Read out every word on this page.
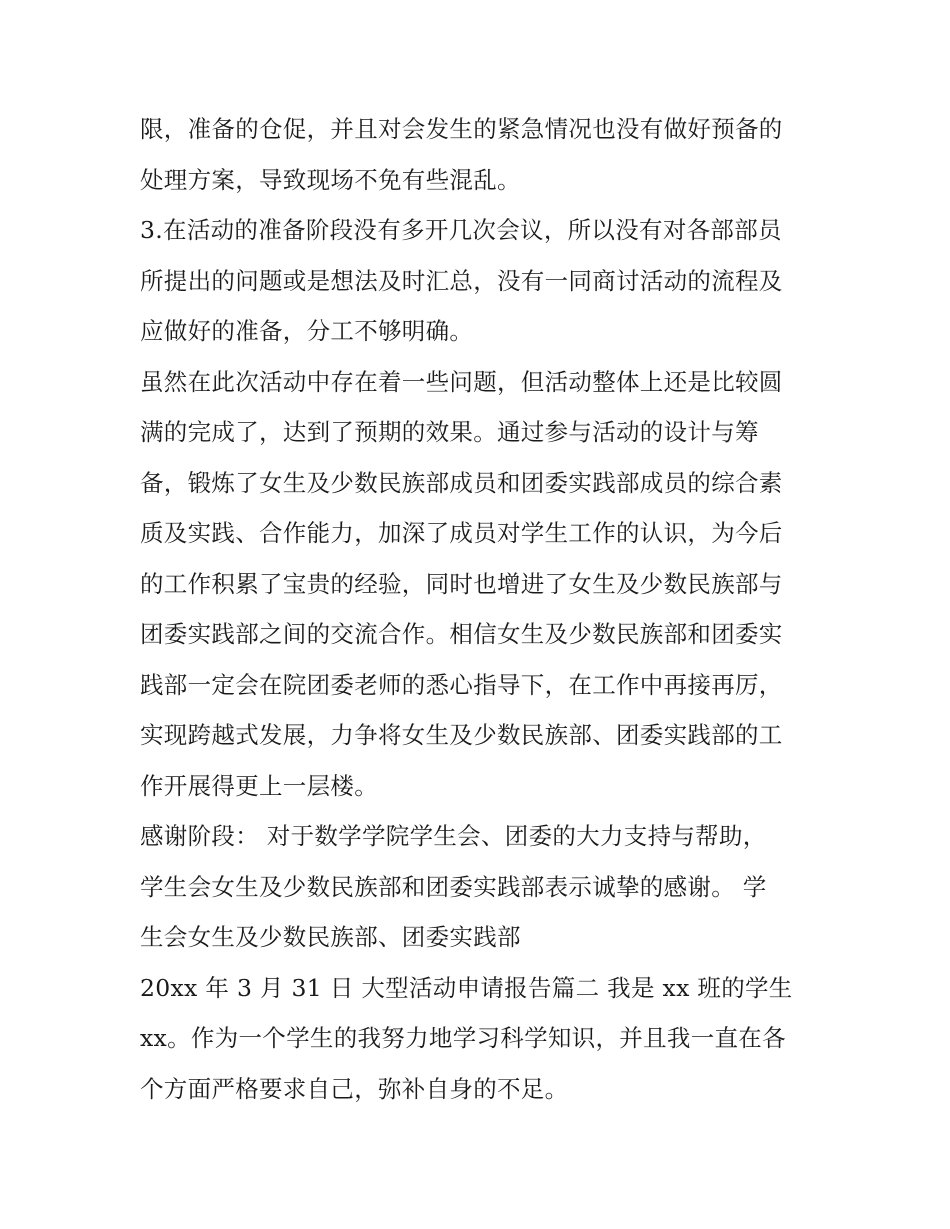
限，准备的仓促，并且对会发生的紧急情况也没有做好预备的
处理方案，导致现场不免有些混乱。
3.在活动的准备阶段没有多开几次会议，所以没有对各部部员
所提出的问题或是想法及时汇总，没有一同商讨活动的流程及
应做好的准备，分工不够明确。
虽然在此次活动中存在着一些问题，但活动整体上还是比较圆
满的完成了，达到了预期的效果。通过参与活动的设计与筹
备，锻炼了女生及少数民族部成员和团委实践部成员的综合素
质及实践、合作能力，加深了成员对学生工作的认识，为今后
的工作积累了宝贵的经验，同时也增进了女生及少数民族部与
团委实践部之间的交流合作。相信女生及少数民族部和团委实
践部一定会在院团委老师的悉心指导下，在工作中再接再厉，
实现跨越式发展，力争将女生及少数民族部、团委实践部的工
作开展得更上一层楼。
感谢阶段： 对于数学学院学生会、团委的大力支持与帮助，
学生会女生及少数民族部和团委实践部表示诚挚的感谢。 学
生会女生及少数民族部、团委实践部
20xx 年 3 月 31 日 大型活动申请报告篇二 我是 xx 班的学生
xx。作为一个学生的我努力地学习科学知识，并且我一直在各
个方面严格要求自己，弥补自身的不足。
